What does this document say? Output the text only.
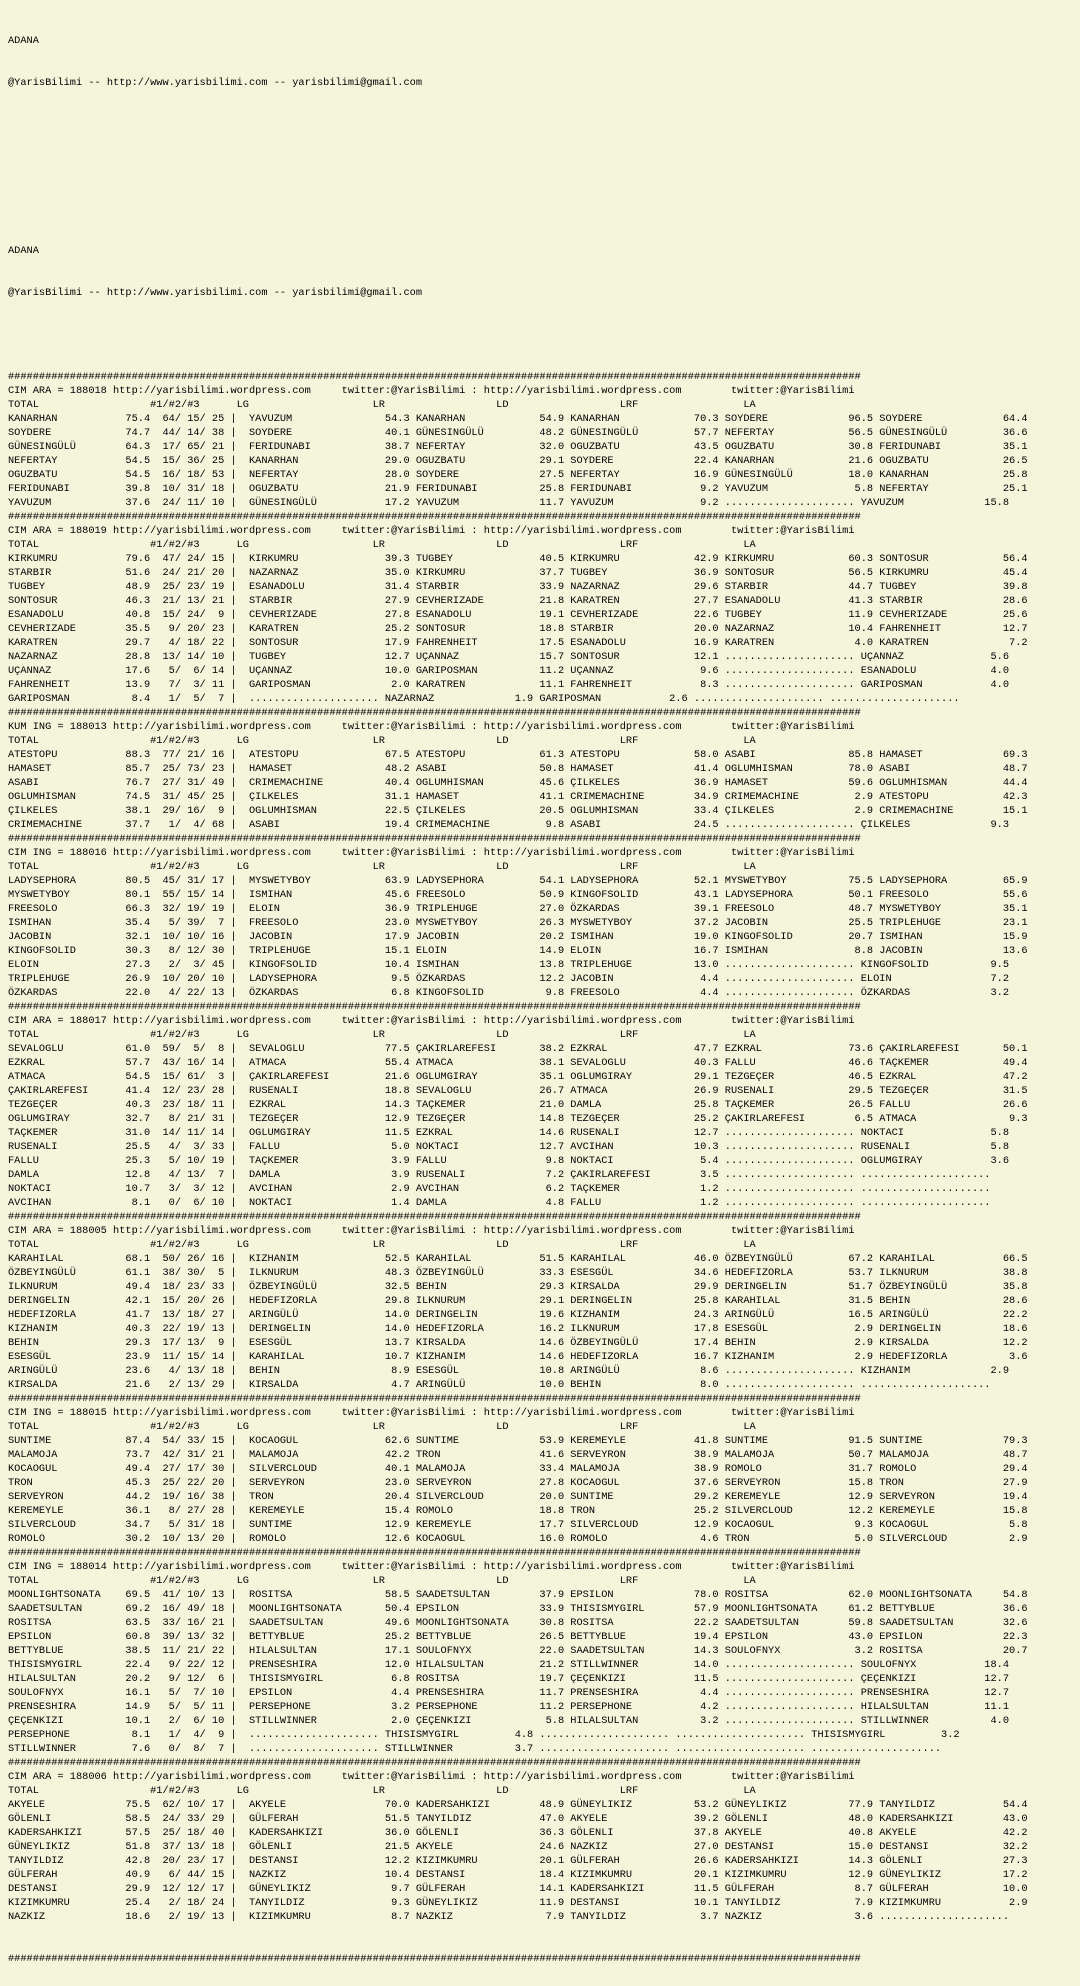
ADANA

@YarisBilimi -- http://www.yarisbilimi.com -- yarisbilimi@gmail.com

ADANA

@YarisBilimi -- http://www.yarisbilimi.com -- yarisbilimi@gmail.com

##########################################################################################################################################
CIM ARA = 188018 http://yarisbilimi.wordpress.com     twitter:@YarisBilimi : http://yarisbilimi.wordpress.com        twitter:@YarisBilimi
TOTAL                  #1/#2/#3      LG                    LR                  LD                  LRF                 LA
KANARHAN           75.4  64/ 15/ 25 |  YAVUZUM               54.3 KANARHAN            54.9 KANARHAN            70.3 SOYDERE             96.5 SOYDERE             64.4
SOYDERE            74.7  44/ 14/ 38 |  SOYDERE               40.1 GÜNESINGÜLÜ         48.2 GÜNESINGÜLÜ         57.7 NEFERTAY            56.5 GÜNESINGÜLÜ         36.6
GÜNESINGÜLÜ        64.3  17/ 65/ 21 |  FERIDUNABI            38.7 NEFERTAY            32.0 OGUZBATU            43.5 OGUZBATU            30.8 FERIDUNABI          35.1
NEFERTAY           54.5  15/ 36/ 25 |  KANARHAN              29.0 OGUZBATU            29.1 SOYDERE             22.4 KANARHAN            21.6 OGUZBATU            26.5
OGUZBATU           54.5  16/ 18/ 53 |  NEFERTAY              28.0 SOYDERE             27.5 NEFERTAY            16.9 GÜNESINGÜLÜ         18.0 KANARHAN            25.8
FERIDUNABI         39.8  10/ 31/ 18 |  OGUZBATU              21.9 FERIDUNABI          25.8 FERIDUNABI           9.2 YAVUZUM              5.8 NEFERTAY            25.1
YAVUZUM            37.6  24/ 11/ 10 |  GÜNESINGÜLÜ           17.2 YAVUZUM             11.7 YAVUZUM              9.2 ..................... YAVUZUM             15.8
##########################################################################################################################################
CIM ARA = 188019 http://yarisbilimi.wordpress.com     twitter:@YarisBilimi : http://yarisbilimi.wordpress.com        twitter:@YarisBilimi
TOTAL                  #1/#2/#3      LG                    LR                  LD                  LRF                 LA
KIRKUMRU           79.6  47/ 24/ 15 |  KIRKUMRU              39.3 TUGBEY              40.5 KIRKUMRU            42.9 KIRKUMRU            60.3 SONTOSUR            56.4
STARBIR            51.6  24/ 21/ 20 |  NAZARNAZ              35.0 KIRKUMRU            37.7 TUGBEY              36.9 SONTOSUR            56.5 KIRKUMRU            45.4
TUGBEY             48.9  25/ 23/ 19 |  ESANADOLU             31.4 STARBIR             33.9 NAZARNAZ            29.6 STARBIR             44.7 TUGBEY              39.8
SONTOSUR           46.3  21/ 13/ 21 |  STARBIR               27.9 CEVHERIZADE         21.8 KARATREN            27.7 ESANADOLU           41.3 STARBIR             28.6
ESANADOLU          40.8  15/ 24/  9 |  CEVHERIZADE           27.8 ESANADOLU           19.1 CEVHERIZADE         22.6 TUGBEY              11.9 CEVHERIZADE         25.6
CEVHERIZADE        35.5   9/ 20/ 23 |  KARATREN              25.2 SONTOSUR            18.8 STARBIR             20.0 NAZARNAZ            10.4 FAHRENHEIT          12.7
KARATREN           29.7   4/ 18/ 22 |  SONTOSUR              17.9 FAHRENHEIT          17.5 ESANADOLU           16.9 KARATREN             4.0 KARATREN             7.2
NAZARNAZ           28.8  13/ 14/ 10 |  TUGBEY                12.7 UÇANNAZ             15.7 SONTOSUR            12.1 ..................... UÇANNAZ              5.6
UÇANNAZ            17.6   5/  6/ 14 |  UÇANNAZ               10.0 GARIPOSMAN          11.2 UÇANNAZ              9.6 ..................... ESANADOLU            4.0
FAHRENHEIT         13.9   7/  3/ 11 |  GARIPOSMAN             2.0 KARATREN            11.1 FAHRENHEIT           8.3 ..................... GARIPOSMAN           4.0
GARIPOSMAN          8.4   1/  5/  7 |  ..................... NAZARNAZ             1.9 GARIPOSMAN           2.6 ..................... .....................
##########################################################################################################################################
KUM ING = 188013 http://yarisbilimi.wordpress.com     twitter:@YarisBilimi : http://yarisbilimi.wordpress.com        twitter:@YarisBilimi
TOTAL                  #1/#2/#3      LG                    LR                  LD                  LRF                 LA
ATESTOPU           88.3  77/ 21/ 16 |  ATESTOPU              67.5 ATESTOPU            61.3 ATESTOPU            58.0 ASABI               85.8 HAMASET             69.3
HAMASET            85.7  25/ 73/ 23 |  HAMASET               48.2 ASABI               50.8 HAMASET             41.4 OGLUMHISMAN         78.0 ASABI               48.7
ASABI              76.7  27/ 31/ 49 |  CRIMEMACHINE          40.4 OGLUMHISMAN         45.6 ÇILKELES            36.9 HAMASET             59.6 OGLUMHISMAN         44.4
OGLUMHISMAN        74.5  31/ 45/ 25 |  ÇILKELES              31.1 HAMASET             41.1 CRIMEMACHINE        34.9 CRIMEMACHINE         2.9 ATESTOPU            42.3
ÇILKELES           38.1  29/ 16/  9 |  OGLUMHISMAN           22.5 ÇILKELES            20.5 OGLUMHISMAN         33.4 ÇILKELES             2.9 CRIMEMACHINE        15.1
CRIMEMACHINE       37.7   1/  4/ 68 |  ASABI                 19.4 CRIMEMACHINE         9.8 ASABI               24.5 ..................... ÇILKELES             9.3
##########################################################################################################################################
CIM ING = 188016 http://yarisbilimi.wordpress.com     twitter:@YarisBilimi : http://yarisbilimi.wordpress.com        twitter:@YarisBilimi
TOTAL                  #1/#2/#3      LG                    LR                  LD                  LRF                 LA
LADYSEPHORA        80.5  45/ 31/ 17 |  MYSWETYBOY            63.9 LADYSEPHORA         54.1 LADYSEPHORA         52.1 MYSWETYBOY          75.5 LADYSEPHORA         65.9
MYSWETYBOY         80.1  55/ 15/ 14 |  ISMIHAN               45.6 FREESOLO            50.9 KINGOFSOLID         43.1 LADYSEPHORA         50.1 FREESOLO            55.6
FREESOLO           66.3  32/ 19/ 19 |  ELOIN                 36.9 TRIPLEHUGE          27.0 ÖZKARDAS            39.1 FREESOLO            48.7 MYSWETYBOY          35.1
ISMIHAN            35.4   5/ 39/  7 |  FREESOLO              23.0 MYSWETYBOY          26.3 MYSWETYBOY          37.2 JACOBIN             25.5 TRIPLEHUGE          23.1
JACOBIN            32.1  10/ 10/ 16 |  JACOBIN               17.9 JACOBIN             20.2 ISMIHAN             19.0 KINGOFSOLID         20.7 ISMIHAN             15.9
KINGOFSOLID        30.3   8/ 12/ 30 |  TRIPLEHUGE            15.1 ELOIN               14.9 ELOIN               16.7 ISMIHAN              8.8 JACOBIN             13.6
ELOIN              27.3   2/  3/ 45 |  KINGOFSOLID           10.4 ISMIHAN             13.8 TRIPLEHUGE          13.0 ..................... KINGOFSOLID          9.5
TRIPLEHUGE         26.9  10/ 20/ 10 |  LADYSEPHORA            9.5 ÖZKARDAS            12.2 JACOBIN              4.4 ..................... ELOIN                7.2
ÖZKARDAS           22.0   4/ 22/ 13 |  ÖZKARDAS               6.8 KINGOFSOLID          9.8 FREESOLO             4.4 ..................... ÖZKARDAS             3.2
##########################################################################################################################################
CIM ARA = 188017 http://yarisbilimi.wordpress.com     twitter:@YarisBilimi : http://yarisbilimi.wordpress.com        twitter:@YarisBilimi
TOTAL                  #1/#2/#3      LG                    LR                  LD                  LRF                 LA
SEVALOGLU          61.0  59/  5/  8 |  SEVALOGLU             77.5 ÇAKIRLAREFESI       38.2 EZKRAL              47.7 EZKRAL              73.6 ÇAKIRLAREFESI       50.1
EZKRAL             57.7  43/ 16/ 14 |  ATMACA                55.4 ATMACA              38.1 SEVALOGLU           40.3 FALLU               46.6 TAÇKEMER            49.4
ATMACA             54.5  15/ 61/  3 |  ÇAKIRLAREFESI         21.6 OGLUMGIRAY          35.1 OGLUMGIRAY          29.1 TEZGEÇER            46.5 EZKRAL              47.2
ÇAKIRLAREFESI      41.4  12/ 23/ 28 |  RUSENALI              18.8 SEVALOGLU           26.7 ATMACA              26.9 RUSENALI            29.5 TEZGEÇER            31.5
TEZGEÇER           40.3  23/ 18/ 11 |  EZKRAL                14.3 TAÇKEMER            21.0 DAMLA               25.8 TAÇKEMER            26.5 FALLU               26.6
OGLUMGIRAY         32.7   8/ 21/ 31 |  TEZGEÇER              12.9 TEZGEÇER            14.8 TEZGEÇER            25.2 ÇAKIRLAREFESI        6.5 ATMACA               9.3
TAÇKEMER           31.0  14/ 11/ 14 |  OGLUMGIRAY            11.5 EZKRAL              14.6 RUSENALI            12.7 ..................... NOKTACI              5.8
RUSENALI           25.5   4/  3/ 33 |  FALLU                  5.0 NOKTACI             12.7 AVCIHAN             10.3 ..................... RUSENALI             5.8
FALLU              25.3   5/ 10/ 19 |  TAÇKEMER               3.9 FALLU                9.8 NOKTACI              5.4 ..................... OGLUMGIRAY           3.6
DAMLA              12.8   4/ 13/  7 |  DAMLA                  3.9 RUSENALI             7.2 ÇAKIRLAREFESI        3.5 ..................... .....................
NOKTACI            10.7   3/  3/ 12 |  AVCIHAN                2.9 AVCIHAN              6.2 TAÇKEMER             1.2 ..................... .....................
AVCIHAN             8.1   0/  6/ 10 |  NOKTACI                1.4 DAMLA                4.8 FALLU                1.2 ..................... .....................
##########################################################################################################################################
CIM ARA = 188005 http://yarisbilimi.wordpress.com     twitter:@YarisBilimi : http://yarisbilimi.wordpress.com        twitter:@YarisBilimi
TOTAL                  #1/#2/#3      LG                    LR                  LD                  LRF                 LA
KARAHILAL          68.1  50/ 26/ 16 |  KIZHANIM              52.5 KARAHILAL           51.5 KARAHILAL           46.0 ÖZBEYINGÜLÜ         67.2 KARAHILAL           66.5
ÖZBEYINGÜLÜ        61.1  38/ 30/  5 |  ILKNURUM              48.3 ÖZBEYINGÜLÜ         33.3 ESESGÜL             34.6 HEDEFIZORLA         53.7 ILKNURUM            38.8
ILKNURUM           49.4  18/ 23/ 33 |  ÖZBEYINGÜLÜ           32.5 BEHIN               29.3 KIRSALDA            29.9 DERINGELIN          51.7 ÖZBEYINGÜLÜ         35.8
DERINGELIN         42.1  15/ 20/ 26 |  HEDEFIZORLA           29.8 ILKNURUM            29.1 DERINGELIN          25.8 KARAHILAL           31.5 BEHIN               28.6
HEDEFIZORLA        41.7  13/ 18/ 27 |  ARINGÜLÜ              14.0 DERINGELIN          19.6 KIZHANIM            24.3 ARINGÜLÜ            16.5 ARINGÜLÜ            22.2
KIZHANIM           40.3  22/ 19/ 13 |  DERINGELIN            14.0 HEDEFIZORLA         16.2 ILKNURUM            17.8 ESESGÜL              2.9 DERINGELIN          18.6
BEHIN              29.3  17/ 13/  9 |  ESESGÜL               13.7 KIRSALDA            14.6 ÖZBEYINGÜLÜ         17.4 BEHIN                2.9 KIRSALDA            12.2
ESESGÜL            23.9  11/ 15/ 14 |  KARAHILAL             10.7 KIZHANIM            14.6 HEDEFIZORLA         16.7 KIZHANIM             2.9 HEDEFIZORLA          3.6
ARINGÜLÜ           23.6   4/ 13/ 18 |  BEHIN                  8.9 ESESGÜL             10.8 ARINGÜLÜ             8.6 ..................... KIZHANIM             2.9
KIRSALDA           21.6   2/ 13/ 29 |  KIRSALDA               4.7 ARINGÜLÜ            10.0 BEHIN                8.0 ..................... .....................
##########################################################################################################################################
CIM ING = 188015 http://yarisbilimi.wordpress.com     twitter:@YarisBilimi : http://yarisbilimi.wordpress.com        twitter:@YarisBilimi
TOTAL                  #1/#2/#3      LG                    LR                  LD                  LRF                 LA
SUNTIME            87.4  54/ 33/ 15 |  KOCAOGUL              62.6 SUNTIME             53.9 KEREMEYLE           41.8 SUNTIME             91.5 SUNTIME             79.3
MALAMOJA           73.7  42/ 31/ 21 |  MALAMOJA              42.2 TRON                41.6 SERVEYRON           38.9 MALAMOJA            50.7 MALAMOJA            48.7
KOCAOGUL           49.4  27/ 17/ 30 |  SILVERCLOUD           40.1 MALAMOJA            33.4 MALAMOJA            38.9 ROMOLO              31.7 ROMOLO              29.4
TRON               45.3  25/ 22/ 20 |  SERVEYRON             23.0 SERVEYRON           27.8 KOCAOGUL            37.6 SERVEYRON           15.8 TRON                27.9
SERVEYRON          44.2  19/ 16/ 38 |  TRON                  20.4 SILVERCLOUD         20.0 SUNTIME             29.2 KEREMEYLE           12.9 SERVEYRON           19.4
KEREMEYLE          36.1   8/ 27/ 28 |  KEREMEYLE             15.4 ROMOLO              18.8 TRON                25.2 SILVERCLOUD         12.2 KEREMEYLE           15.8
SILVERCLOUD        34.7   5/ 31/ 18 |  SUNTIME               12.9 KEREMEYLE           17.7 SILVERCLOUD         12.9 KOCAOGUL             9.3 KOCAOGUL             5.8
ROMOLO             30.2  10/ 13/ 20 |  ROMOLO                12.6 KOCAOGUL            16.0 ROMOLO               4.6 TRON                 5.0 SILVERCLOUD          2.9
##########################################################################################################################################
CIM ING = 188014 http://yarisbilimi.wordpress.com     twitter:@YarisBilimi : http://yarisbilimi.wordpress.com        twitter:@YarisBilimi
TOTAL                  #1/#2/#3      LG                    LR                  LD                  LRF                 LA
MOONLIGHTSONATA    69.5  41/ 10/ 13 |  ROSITSA               58.5 SAADETSULTAN        37.9 EPSILON             78.0 ROSITSA             62.0 MOONLIGHTSONATA     54.8
SAADETSULTAN       69.2  16/ 49/ 18 |  MOONLIGHTSONATA       50.4 EPSILON             33.9 THISISMYGIRL        57.9 MOONLIGHTSONATA     61.2 BETTYBLUE           36.6
ROSITSA            63.5  33/ 16/ 21 |  SAADETSULTAN          49.6 MOONLIGHTSONATA     30.8 ROSITSA             22.2 SAADETSULTAN        59.8 SAADETSULTAN        32.6
EPSILON            60.8  39/ 13/ 32 |  BETTYBLUE             25.2 BETTYBLUE           26.5 BETTYBLUE           19.4 EPSILON             43.0 EPSILON             22.3
BETTYBLUE          38.5  11/ 21/ 22 |  HILALSULTAN           17.1 SOULOFNYX           22.0 SAADETSULTAN        14.3 SOULOFNYX            3.2 ROSITSA             20.7
THISISMYGIRL       22.4   9/ 22/ 12 |  PRENSESHIRA           12.0 HILALSULTAN         21.2 STILLWINNER         14.0 ..................... SOULOFNYX           18.4
HILALSULTAN        20.2   9/ 12/  6 |  THISISMYGIRL           6.8 ROSITSA             19.7 ÇEÇENKIZI           11.5 ..................... ÇEÇENKIZI           12.7
SOULOFNYX          16.1   5/  7/ 10 |  EPSILON                4.4 PRENSESHIRA         11.7 PRENSESHIRA          4.4 ..................... PRENSESHIRA         12.7
PRENSESHIRA        14.9   5/  5/ 11 |  PERSEPHONE             3.2 PERSEPHONE          11.2 PERSEPHONE           4.2 ..................... HILALSULTAN         11.1
ÇEÇENKIZI          10.1   2/  6/ 10 |  STILLWINNER            2.0 ÇEÇENKIZI            5.8 HILALSULTAN          3.2 ..................... STILLWINNER          4.0
PERSEPHONE          8.1   1/  4/  9 |  ..................... THISISMYGIRL         4.8 ..................... ..................... THISISMYGIRL         3.2
STILLWINNER         7.6   0/  8/  7 |  ..................... STILLWINNER          3.7 ..................... ..................... .....................
##########################################################################################################################################
CIM ARA = 188006 http://yarisbilimi.wordpress.com     twitter:@YarisBilimi : http://yarisbilimi.wordpress.com        twitter:@YarisBilimi
TOTAL                  #1/#2/#3      LG                    LR                  LD                  LRF                 LA
AKYELE             75.5  62/ 10/ 17 |  AKYELE                70.0 KADERSAHKIZI        48.9 GÜNEYLIKIZ          53.2 GÜNEYLIKIZ          77.9 TANYILDIZ           54.4
GÖLENLI            58.5  24/ 33/ 29 |  GÜLFERAH              51.5 TANYILDIZ           47.0 AKYELE              39.2 GÖLENLI             48.0 KADERSAHKIZI        43.0
KADERSAHKIZI       57.5  25/ 18/ 40 |  KADERSAHKIZI          36.0 GÖLENLI             36.3 GÖLENLI             37.8 AKYELE              40.8 AKYELE              42.2
GÜNEYLIKIZ         51.8  37/ 13/ 18 |  GÖLENLI               21.5 AKYELE              24.6 NAZKIZ              27.0 DESTANSI            15.0 DESTANSI            32.2
TANYILDIZ          42.8  20/ 23/ 17 |  DESTANSI              12.2 KIZIMKUMRU          20.1 GÜLFERAH            26.6 KADERSAHKIZI        14.3 GÖLENLI             27.3
GÜLFERAH           40.9   6/ 44/ 15 |  NAZKIZ                10.4 DESTANSI            18.4 KIZIMKUMRU          20.1 KIZIMKUMRU          12.9 GÜNEYLIKIZ          17.2
DESTANSI           29.9  12/ 12/ 17 |  GÜNEYLIKIZ             9.7 GÜLFERAH            14.1 KADERSAHKIZI        11.5 GÜLFERAH             8.7 GÜLFERAH            10.0
KIZIMKUMRU         25.4   2/ 18/ 24 |  TANYILDIZ              9.3 GÜNEYLIKIZ          11.9 DESTANSI            10.1 TANYILDIZ            7.9 KIZIMKUMRU           2.9
NAZKIZ             18.6   2/ 19/ 13 |  KIZIMKUMRU             8.7 NAZKIZ               7.9 TANYILDIZ            3.7 NAZKIZ               3.6 .....................

##########################################################################################################################################
